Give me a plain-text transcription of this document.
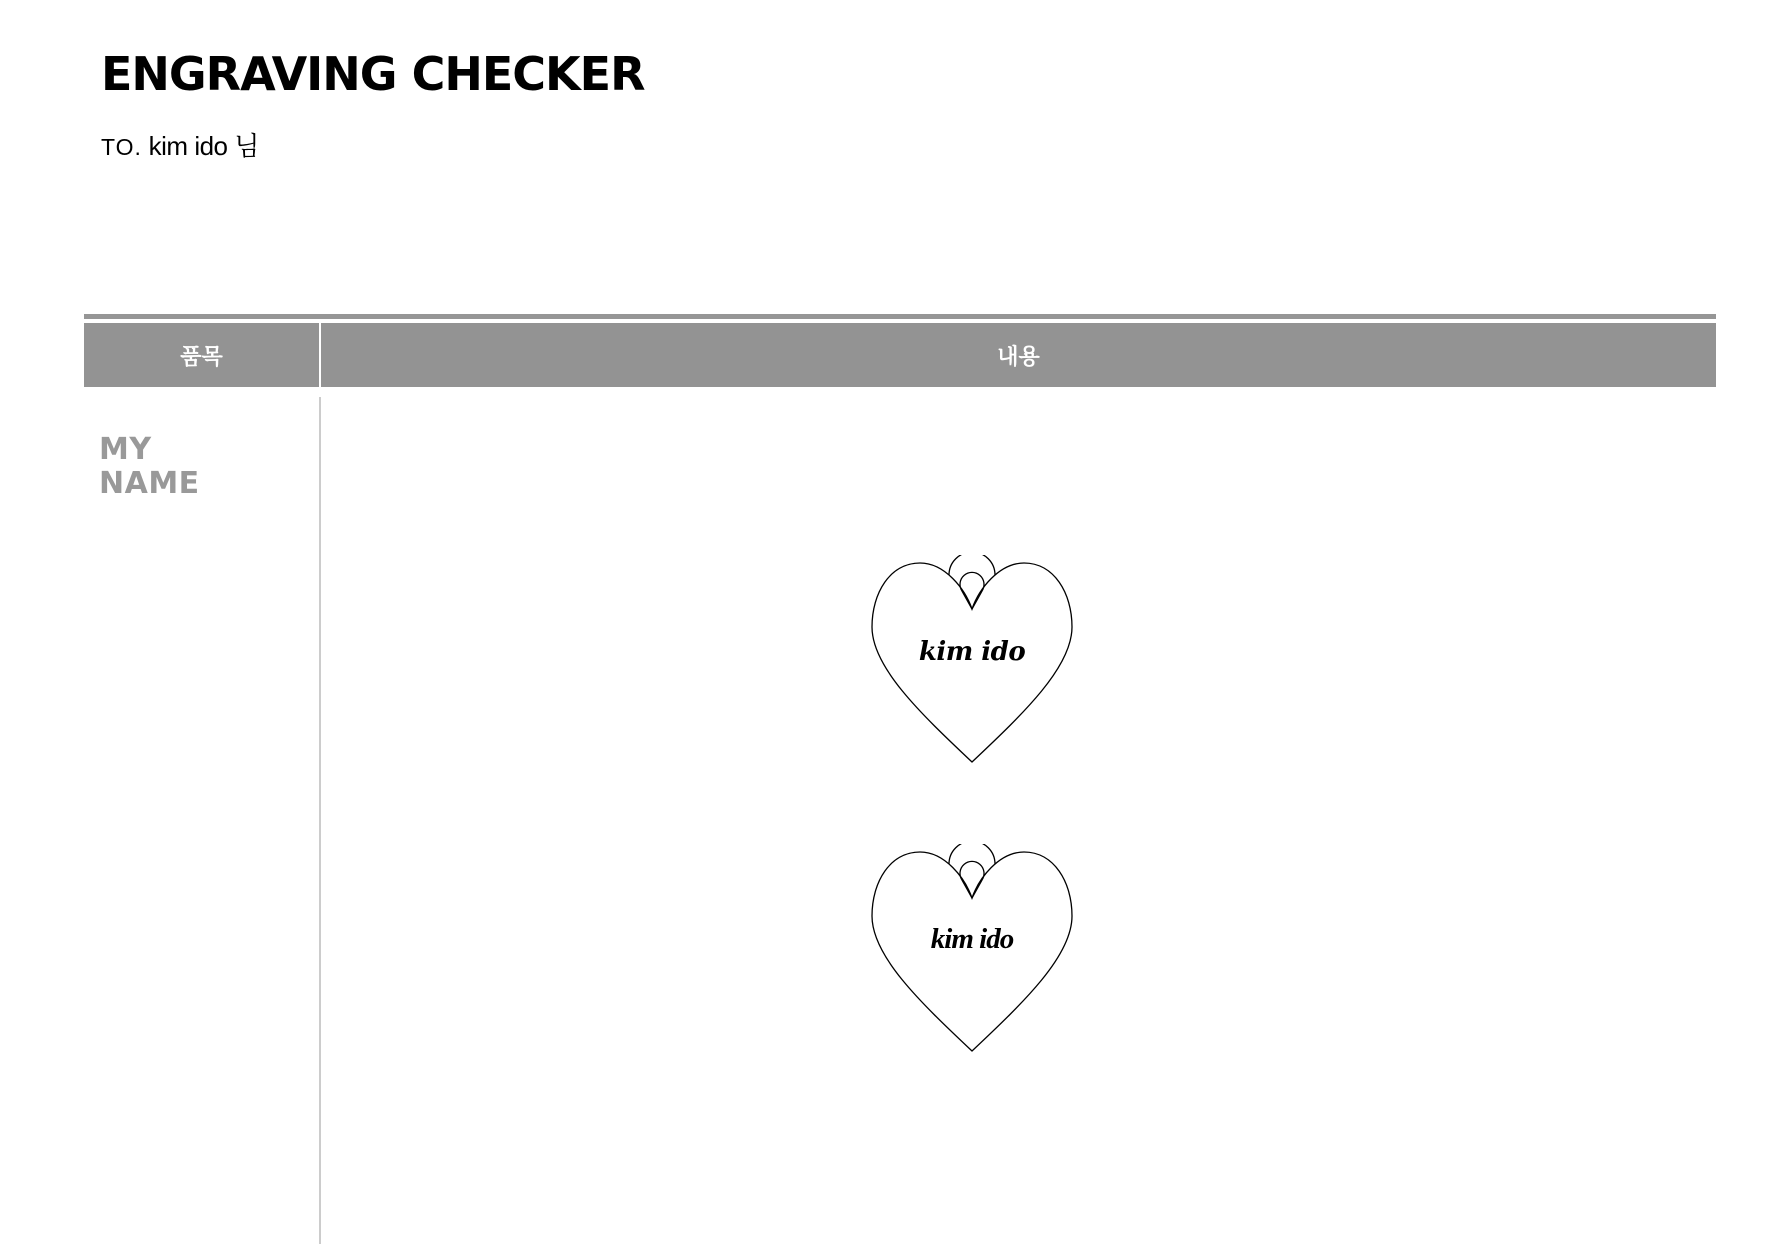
ENGRAVING CHECKER
TO. kim ido 님
품목	내용
MY
NAME
kim ido
kim ido
